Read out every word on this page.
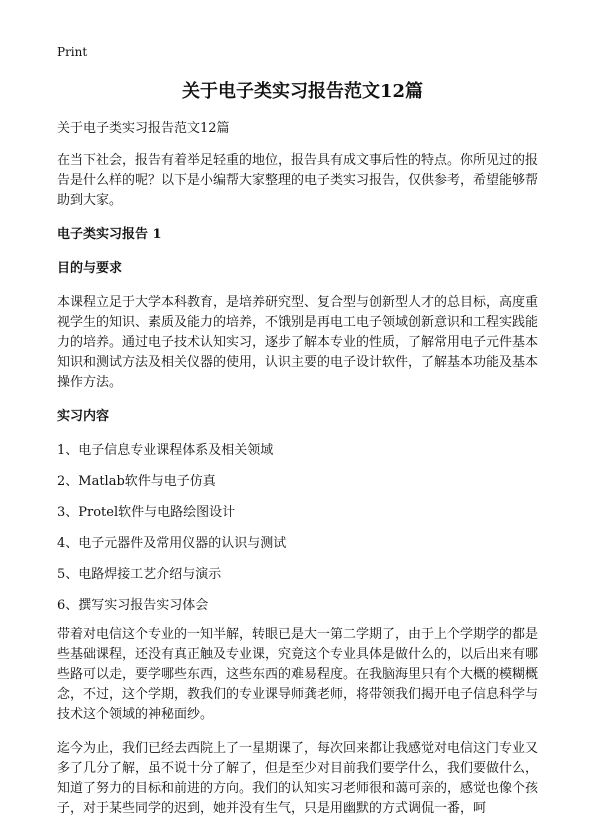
Print
关于电子类实习报告范文12篇

关于电子类实习报告范文12篇

在当下社会，报告有着举足轻重的地位，报告具有成文事后性的特点。你所见过的报告是什么样的呢？以下是小编帮大家整理的电子类实习报告，仅供参考，希望能够帮助到大家。

电子类实习报告 1

目的与要求

本课程立足于大学本科教育，是培养研究型、复合型与创新型人才的总目标，高度重视学生的知识、素质及能力的培养，不饿别是再电工电子领域创新意识和工程实践能力的培养。通过电子技术认知实习，逐步了解本专业的性质，了解常用电子元件基本知识和测试方法及相关仪器的使用，认识主要的电子设计软件，了解基本功能及基本操作方法。

实习内容

1、电子信息专业课程体系及相关领域

2、Matlab软件与电子仿真

3、Protel软件与电路绘图设计

4、电子元器件及常用仪器的认识与测试

5、电路焊接工艺介绍与演示

6、撰写实习报告实习体会

带着对电信这个专业的一知半解，转眼已是大一第二学期了，由于上个学期学的都是些基础课程，还没有真正触及专业课，究竟这个专业具体是做什么的，以后出来有哪些路可以走，要学哪些东西，这些东西的难易程度。在我脑海里只有个大概的模糊概念，不过，这个学期，教我们的专业课导师龚老师，将带领我们揭开电子信息科学与技术这个领域的神秘面纱。

迄今为止，我们已经去西院上了一星期课了，每次回来都让我感觉对电信这门专业又多了几分了解，虽不说十分了解了，但是至少对目前我们要学什么，我们要做什么，知道了努力的目标和前进的方向。我们的认知实习老师很和蔼可亲的，感觉也像个孩子，对于某些同学的迟到，她并没有生气，只是用幽默的方式调侃一番，呵
